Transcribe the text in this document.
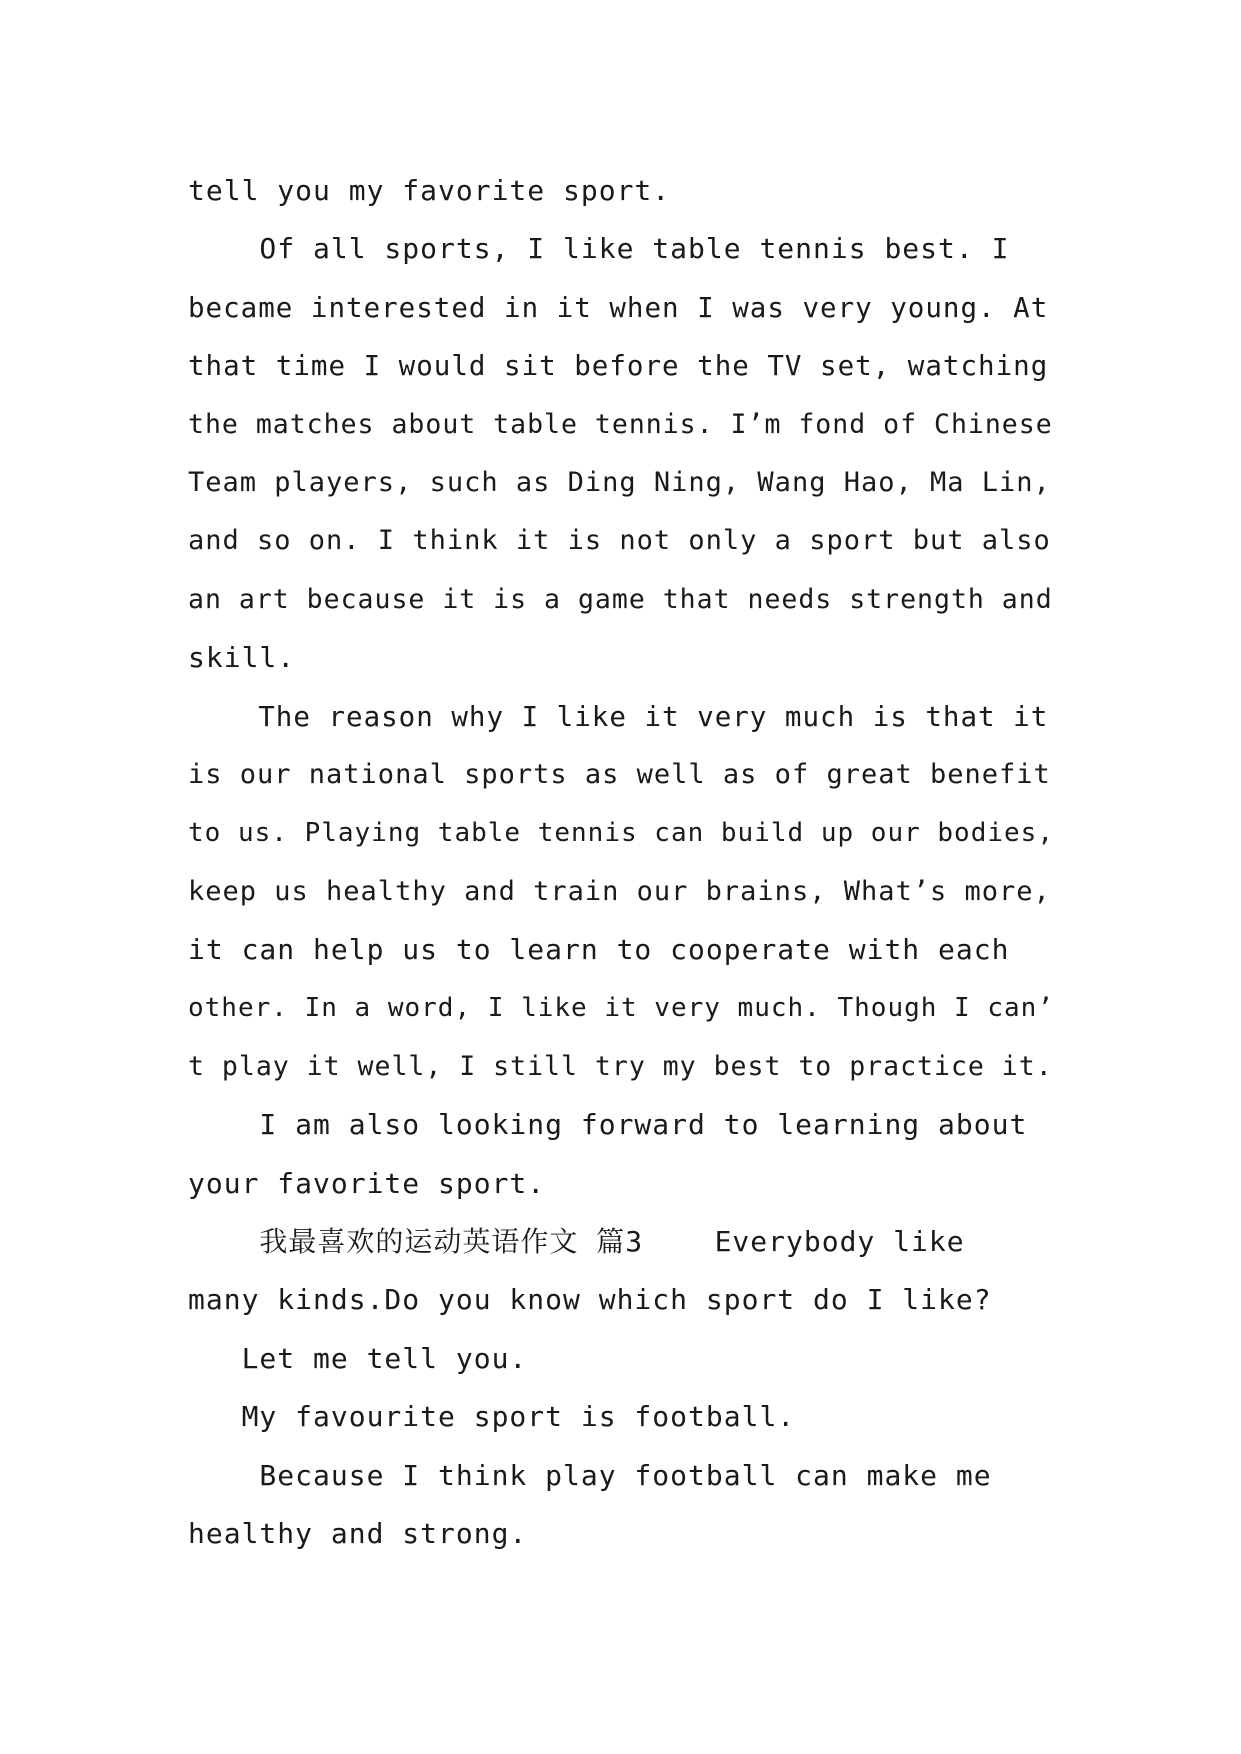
tell you my favorite sport.

Of all sports, I like table tennis best. I

became interested in it when I was very young. At

that time I would sit before the TV set, watching

the matches about table tennis. I’m fond of Chinese

Team players, such as Ding Ning, Wang Hao, Ma Lin,

and so on. I think it is not only a sport but also

an art because it is a game that needs strength and

skill.

The reason why I like it very much is that it

is our national sports as well as of great benefit

to us. Playing table tennis can build up our bodies,

keep us healthy and train our brains, What’s more,

it can help us to learn to cooperate with each

other. In a word, I like it very much. Though I can’

t play it well, I still try my best to practice it.

I am also looking forward to learning about

your favorite sport.

我最喜欢的运动英语作文 篇3    Everybody like

many kinds.Do you know which sport do I like?

Let me tell you.

My favourite sport is football.

Because I think play football can make me

healthy and strong.
